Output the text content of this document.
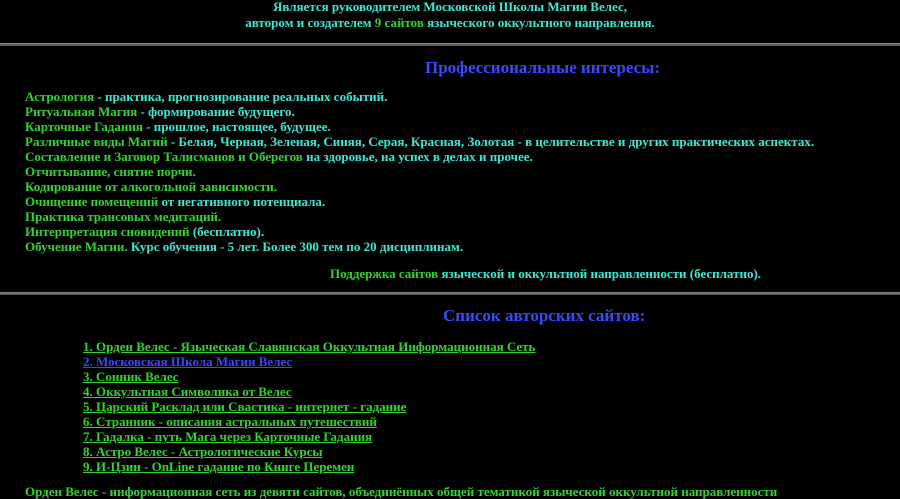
Является руководителем Московской Школы Магии Велес,
автором и создателем 9 сайтов языческого оккультного направления.
Профессиональные интересы:
Астрология - практика, прогнозирование реальных событий.
Ритуальная Магия - формирование будущего.
Карточные Гадания - прошлое, настоящее, будущее.
Различные виды Магий - Белая, Черная, Зеленая, Синяя, Серая, Красная, Золотая - в целительстве и других практических аспектах.
Составление и Заговор Талисманов и Оберегов на здоровье, на успех в делах и прочее.
Отчитывание, снятие порчи.
Кодирование от алкогольной зависимости.
Очищение помещений от негативного потенциала.
Практика трансовых медитаций.
Интерпретация сновидений (бесплатно).
Обучение Магии. Курс обучения - 5 лет. Более 300 тем по 20 дисциплинам.
Поддержка сайтов языческой и оккультной направленности (бесплатно).
Список авторских сайтов:
1. Орден Велес - Языческая Славянская Оккультная Информационная Сеть
2. Московская Школа Магии Велес
3. Сонник Велес
4. Оккультная Символика от Велес
5. Царский Расклад или Свастика - интернет - гадание
6. Странник - описания астральных путешествий
7. Гадалка - путь Мага через Карточные Гадания
8. Астро Велес - Астрологические Курсы
9. И-Цзин - OnLine гадание по Книге Перемен
Орден Велес - информационная сеть из девяти сайтов, объединённых общей тематикой языческой оккультной направленности
